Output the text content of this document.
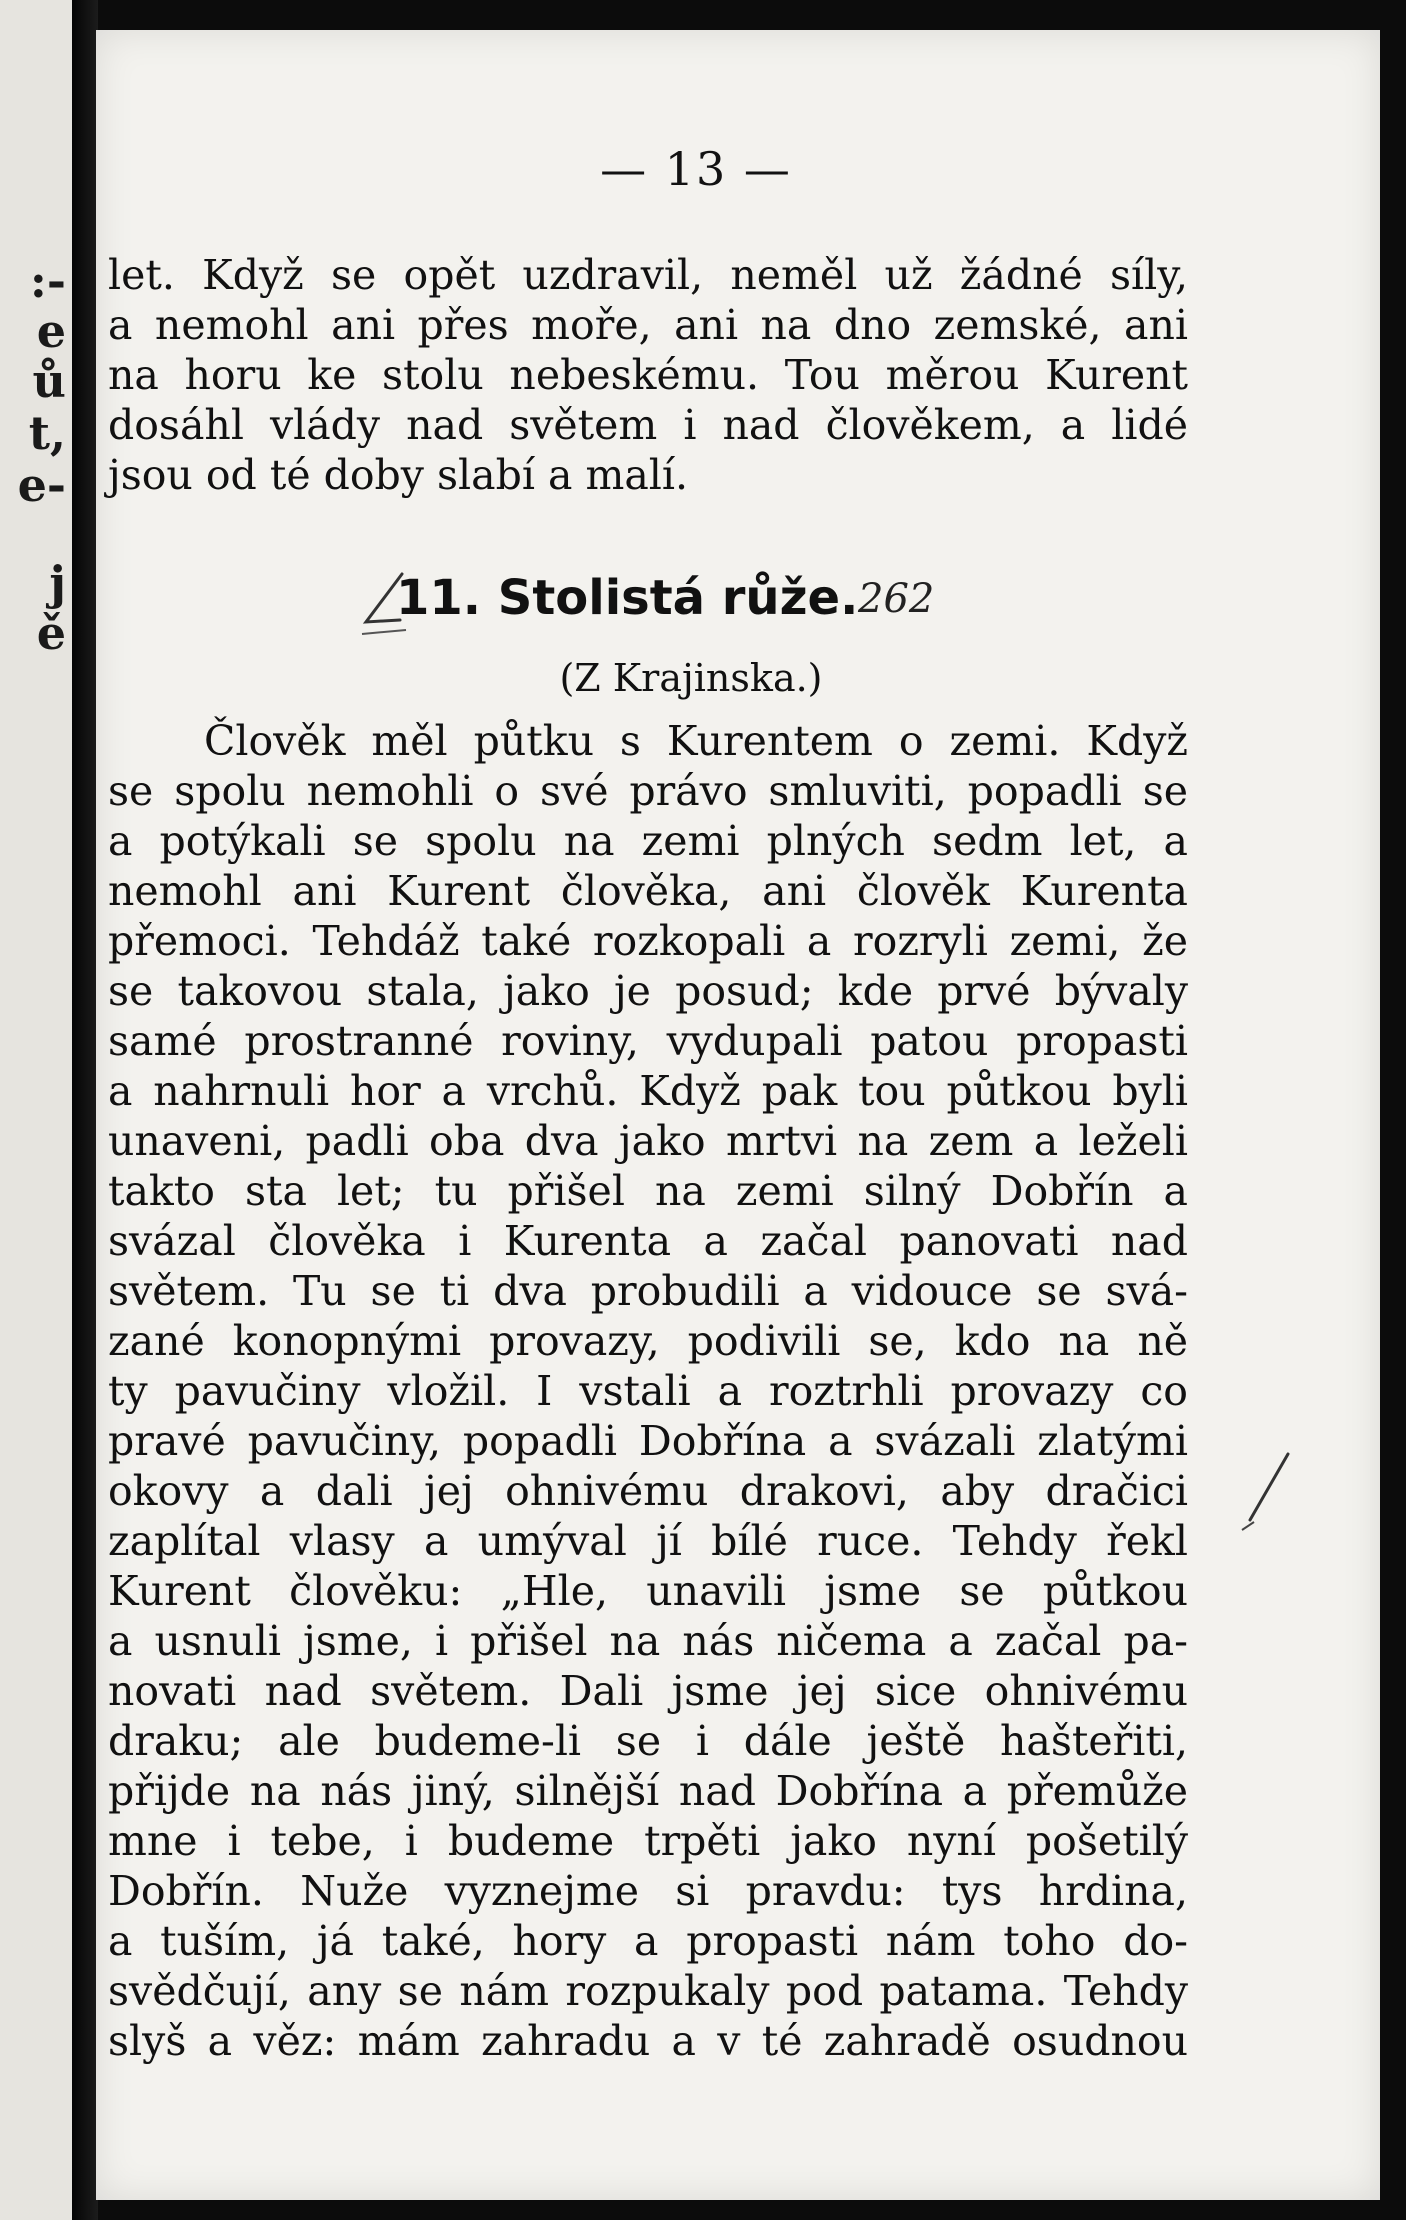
:-
e
ů
t,
e-
j
ě
— 13 —
let. Když se opět uzdravil, neměl už žádné síly,
a nemohl ani přes moře, ani na dno zemské, ani
na horu ke stolu nebeskému. Tou měrou Kurent
dosáhl vlády nad světem i nad člověkem, a lidé
jsou od té doby slabí a malí.
11. Stolistá růže. 262
(Z Krajinska.)
Člověk měl půtku s Kurentem o zemi. Když
se spolu nemohli o své právo smluviti, popadli se
a potýkali se spolu na zemi plných sedm let, a
nemohl ani Kurent člověka, ani člověk Kurenta
přemoci. Tehdáž také rozkopali a rozryli zemi, že
se takovou stala, jako je posud; kde prvé bývaly
samé prostranné roviny, vydupali patou propasti
a nahrnuli hor a vrchů. Když pak tou půtkou byli
unaveni, padli oba dva jako mrtvi na zem a leželi
takto sta let; tu přišel na zemi silný Dobřín a
svázal člověka i Kurenta a začal panovati nad
světem. Tu se ti dva probudili a vidouce se svá-
zané konopnými provazy, podivili se, kdo na ně
ty pavučiny vložil. I vstali a roztrhli provazy co
pravé pavučiny, popadli Dobřína a svázali zlatými
okovy a dali jej ohnivému drakovi, aby dračici
zaplítal vlasy a umýval jí bílé ruce. Tehdy řekl
Kurent člověku: „Hle, unavili jsme se půtkou
a usnuli jsme, i přišel na nás ničema a začal pa-
novati nad světem. Dali jsme jej sice ohnivému
draku; ale budeme-li se i dále ještě hašteřiti,
přijde na nás jiný, silnější nad Dobřína a přemůže
mne i tebe, i budeme trpěti jako nyní pošetilý
Dobřín. Nuže vyznejme si pravdu: tys hrdina,
a tuším, já také, hory a propasti nám toho do-
svědčují, any se nám rozpukaly pod patama. Tehdy
slyš a věz: mám zahradu a v té zahradě osudnou
